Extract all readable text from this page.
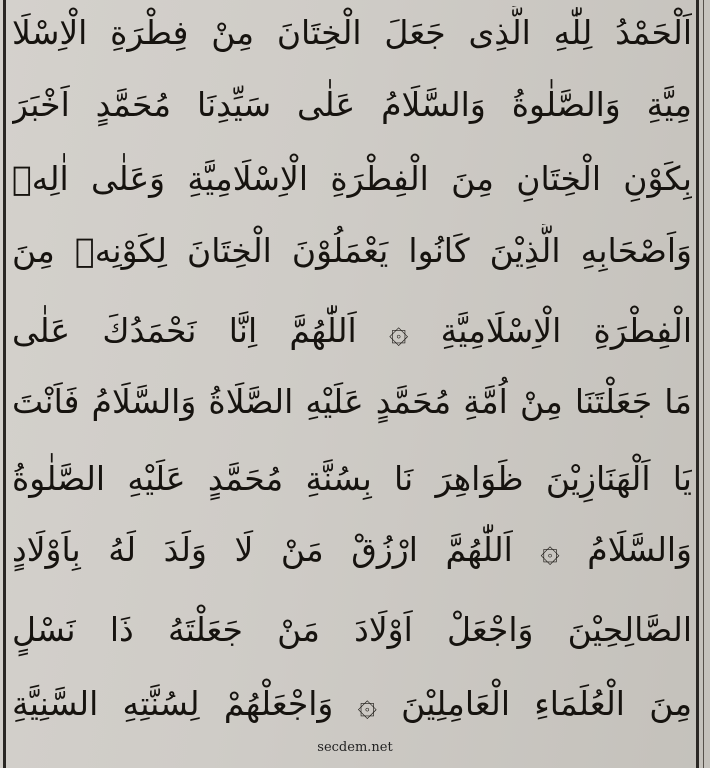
اَلْحَمْدُ لِلّٰهِ الَّذِى جَعَلَ الْخِتَانَ مِنْ فِطْرَةِ الْاِسْلَا
مِيَّةِ وَالصَّلٰوةُ وَالسَّلَامُ عَلٰى سَيِّدِنَا مُحَمَّدٍ اَخْبَرَ
بِكَوْنِ الْخِتَانِ مِنَ الْفِطْرَةِ الْاِسْلَامِيَّةِ وَعَلٰى اٰلِهٖ
وَاَصْحَابِهِ الَّذِيْنَ كَانُوا يَعْمَلُوْنَ الْخِتَانَ لِكَوْنِهٖ مِنَ
الْفِطْرَةِ الْاِسْلَامِيَّةِ ۞ اَللّٰهُمَّ اِنَّا نَحْمَدُكَ عَلٰى
مَا جَعَلْتَنَا مِنْ اُمَّةِ مُحَمَّدٍ عَلَيْهِ الصَّلَاةُ وَالسَّلَامُ فَاَنْتَ
يَا اَلْهَنَازِيْنَ ظَوَاهِرَ نَا بِسُنَّةِ مُحَمَّدٍ عَلَيْهِ الصَّلٰوةُ
وَالسَّلَامُ ۞ اَللّٰهُمَّ ارْزُقْ مَنْ لَا وَلَدَ لَهُ بِاَوْلَادٍ
الصَّالِحِيْنَ وَاجْعَلْ اَوْلَادَ مَنْ جَعَلْتَهُ ذَا نَسْلٍ
مِنَ الْعُلَمَاءِ الْعَامِلِيْنَ ۞ وَاجْعَلْهُمْ لِسُنَّتِهِ السَّنِيَّةِ
secdem.net
